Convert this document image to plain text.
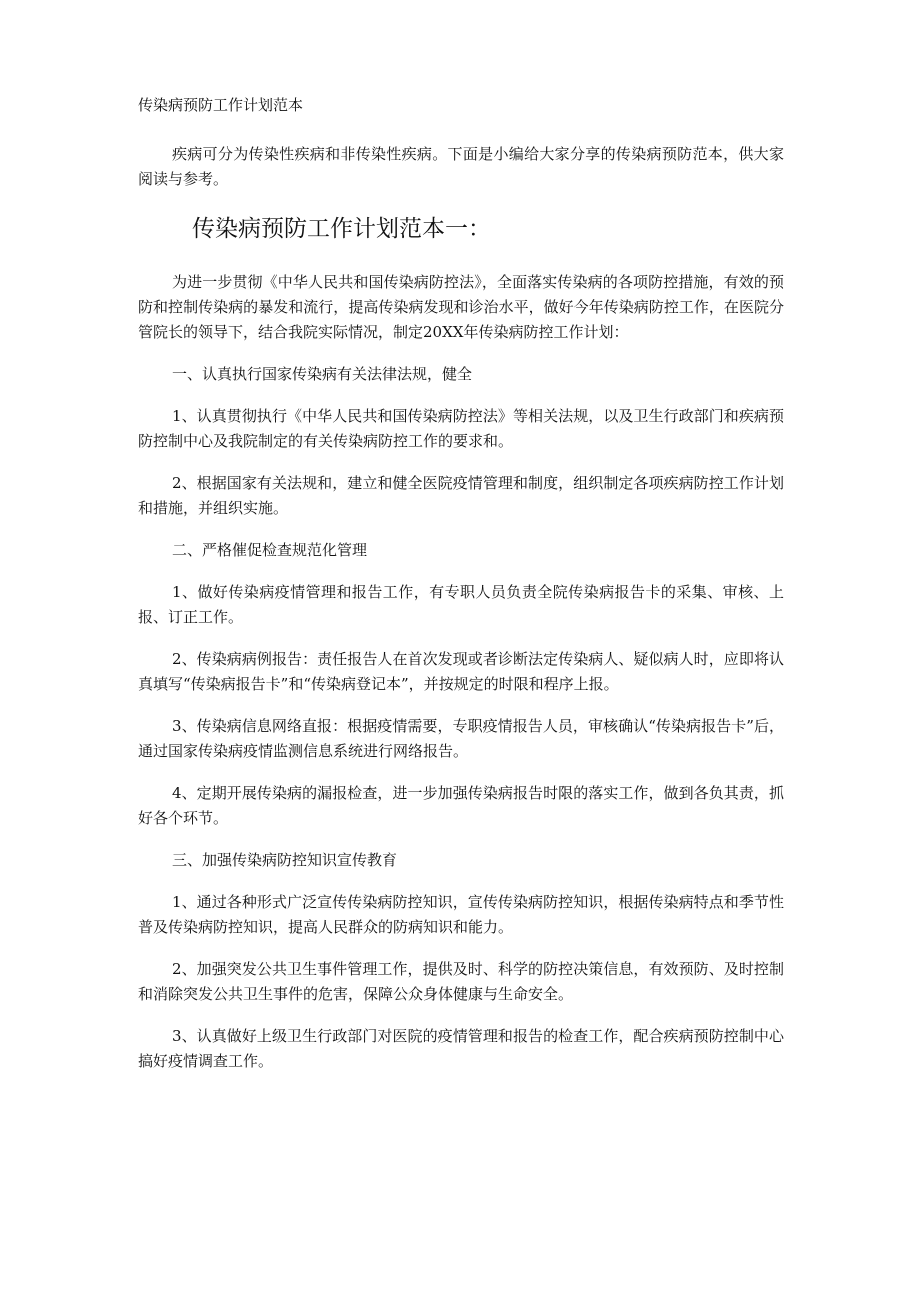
传染病预防工作计划范本

疾病可分为传染性疾病和非传染性疾病。下面是小编给大家分享的传染病预防范本，供大家阅读与参考。

传染病预防工作计划范本一：

为进一步贯彻《中华人民共和国传染病防控法》，全面落实传染病的各项防控措施，有效的预防和控制传染病的暴发和流行，提高传染病发现和诊治水平，做好今年传染病防控工作，在医院分管院长的领导下，结合我院实际情况，制定20XX年传染病防控工作计划：

一、认真执行国家传染病有关法律法规，健全

1、认真贯彻执行《中华人民共和国传染病防控法》等相关法规，以及卫生行政部门和疾病预防控制中心及我院制定的有关传染病防控工作的要求和。

2、根据国家有关法规和，建立和健全医院疫情管理和制度，组织制定各项疾病防控工作计划和措施，并组织实施。

二、严格催促检查规范化管理

1、做好传染病疫情管理和报告工作，有专职人员负责全院传染病报告卡的采集、审核、上报、订正工作。

2、传染病病例报告：责任报告人在首次发现或者诊断法定传染病人、疑似病人时，应即将认真填写“传染病报告卡”和“传染病登记本”，并按规定的时限和程序上报。

3、传染病信息网络直报：根据疫情需要，专职疫情报告人员，审核确认“传染病报告卡”后，通过国家传染病疫情监测信息系统进行网络报告。

4、定期开展传染病的漏报检查，进一步加强传染病报告时限的落实工作，做到各负其责，抓好各个环节。

三、加强传染病防控知识宣传教育

1、通过各种形式广泛宣传传染病防控知识，宣传传染病防控知识，根据传染病特点和季节性普及传染病防控知识，提高人民群众的防病知识和能力。

2、加强突发公共卫生事件管理工作，提供及时、科学的防控决策信息，有效预防、及时控制和消除突发公共卫生事件的危害，保障公众身体健康与生命安全。

3、认真做好上级卫生行政部门对医院的疫情管理和报告的检查工作，配合疾病预防控制中心搞好疫情调查工作。
